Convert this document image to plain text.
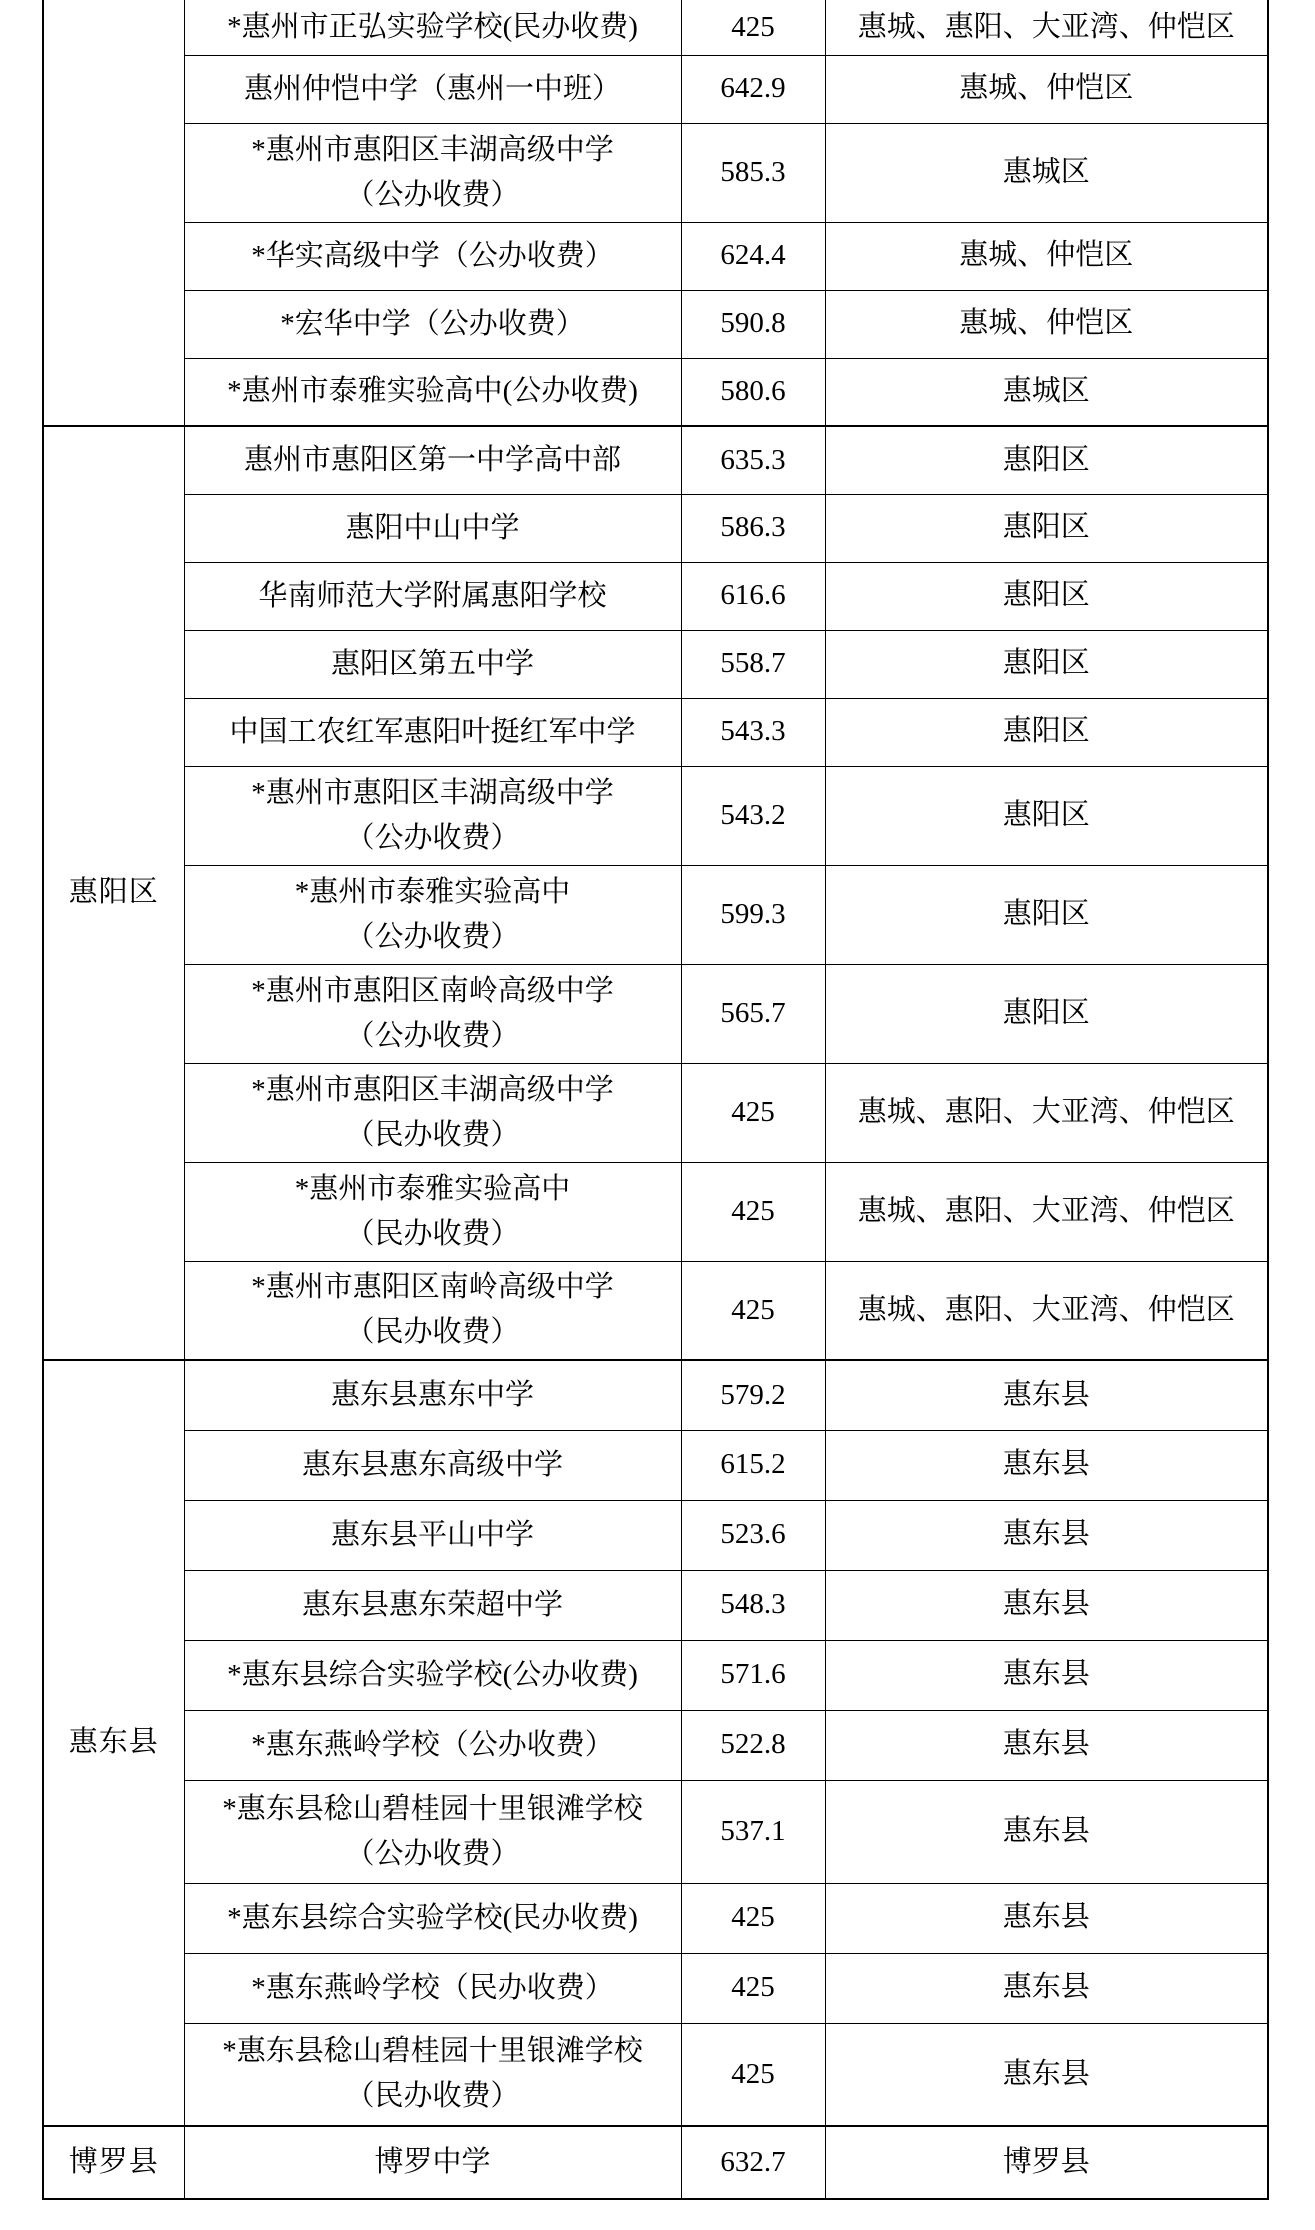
	*惠州市正弘实验学校(民办收费)	425	惠城、惠阳、大亚湾、仲恺区

	惠州仲恺中学（惠州一中班）	642.9	惠城、仲恺区

	*惠州市惠阳区丰湖高级中学
（公办收费）	585.3	惠城区

	*华实高级中学（公办收费）	624.4	惠城、仲恺区

	*宏华中学（公办收费）	590.8	惠城、仲恺区

	*惠州市泰雅实验高中(公办收费)	580.6	惠城区

惠阳区	惠州市惠阳区第一中学高中部	635.3	惠阳区

	惠阳中山中学	586.3	惠阳区

	华南师范大学附属惠阳学校	616.6	惠阳区

	惠阳区第五中学	558.7	惠阳区

	中国工农红军惠阳叶挺红军中学	543.3	惠阳区

	*惠州市惠阳区丰湖高级中学
（公办收费）	543.2	惠阳区

	*惠州市泰雅实验高中
（公办收费）	599.3	惠阳区

	*惠州市惠阳区南岭高级中学
（公办收费）	565.7	惠阳区

	*惠州市惠阳区丰湖高级中学
（民办收费）	425	惠城、惠阳、大亚湾、仲恺区

	*惠州市泰雅实验高中
（民办收费）	425	惠城、惠阳、大亚湾、仲恺区

	*惠州市惠阳区南岭高级中学
（民办收费）	425	惠城、惠阳、大亚湾、仲恺区

惠东县	惠东县惠东中学	579.2	惠东县

	惠东县惠东高级中学	615.2	惠东县

	惠东县平山中学	523.6	惠东县

	惠东县惠东荣超中学	548.3	惠东县

	*惠东县综合实验学校(公办收费)	571.6	惠东县

	*惠东燕岭学校（公办收费）	522.8	惠东县

	*惠东县稔山碧桂园十里银滩学校
（公办收费）	537.1	惠东县

	*惠东县综合实验学校(民办收费)	425	惠东县

	*惠东燕岭学校（民办收费）	425	惠东县

	*惠东县稔山碧桂园十里银滩学校
（民办收费）	425	惠东县

博罗县	博罗中学	632.7	博罗县
